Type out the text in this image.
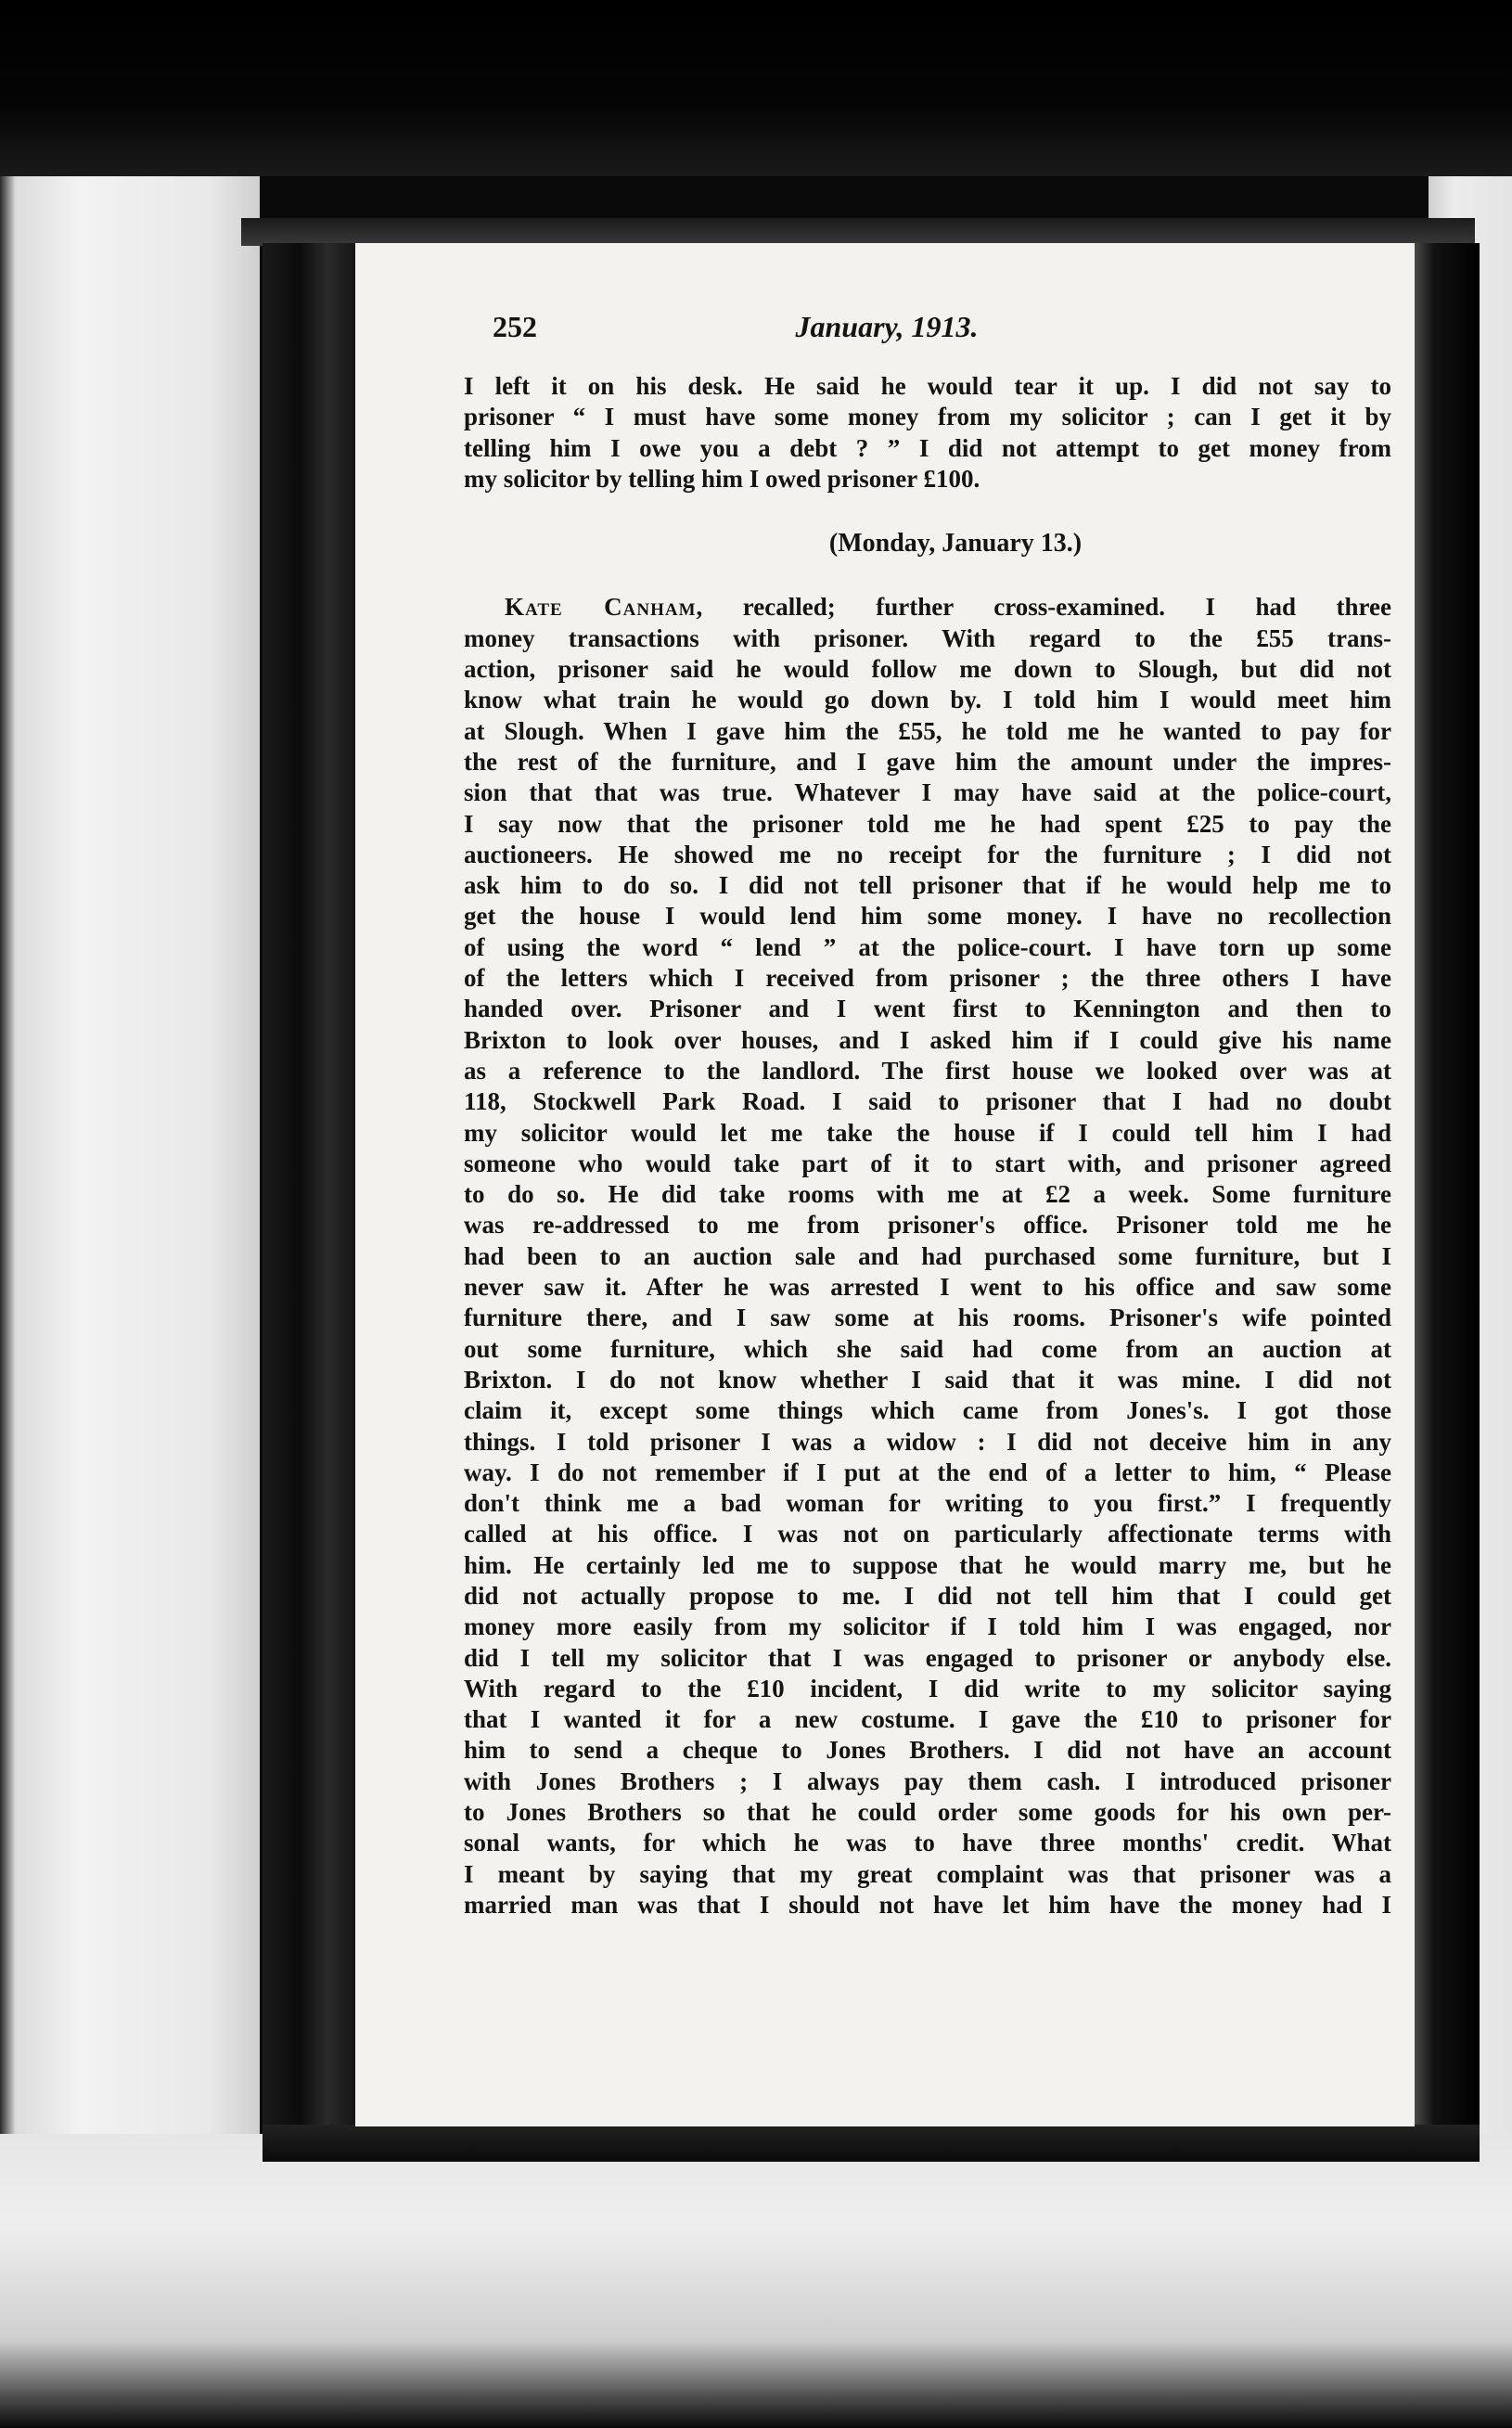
252	January, 1913.
I left it on his desk. He said he would tear it up. I did not say to
prisoner “ I must have some money from my solicitor ; can I get it by
telling him I owe you a debt ? ” I did not attempt to get money from
my solicitor by telling him I owed prisoner £100.
(Monday, January 13.)
Kate Canham, recalled; further cross-examined. I had three
money transactions with prisoner. With regard to the £55 trans-
action, prisoner said he would follow me down to Slough, but did not
know what train he would go down by. I told him I would meet him
at Slough. When I gave him the £55, he told me he wanted to pay for
the rest of the furniture, and I gave him the amount under the impres-
sion that that was true. Whatever I may have said at the police-court,
I say now that the prisoner told me he had spent £25 to pay the
auctioneers. He showed me no receipt for the furniture ; I did not
ask him to do so. I did not tell prisoner that if he would help me to
get the house I would lend him some money. I have no recollection
of using the word “ lend ” at the police-court. I have torn up some
of the letters which I received from prisoner ; the three others I have
handed over. Prisoner and I went first to Kennington and then to
Brixton to look over houses, and I asked him if I could give his name
as a reference to the landlord. The first house we looked over was at
118, Stockwell Park Road. I said to prisoner that I had no doubt
my solicitor would let me take the house if I could tell him I had
someone who would take part of it to start with, and prisoner agreed
to do so. He did take rooms with me at £2 a week. Some furniture
was re-addressed to me from prisoner's office. Prisoner told me he
had been to an auction sale and had purchased some furniture, but I
never saw it. After he was arrested I went to his office and saw some
furniture there, and I saw some at his rooms. Prisoner's wife pointed
out some furniture, which she said had come from an auction at
Brixton. I do not know whether I said that it was mine. I did not
claim it, except some things which came from Jones's. I got those
things. I told prisoner I was a widow : I did not deceive him in any
way. I do not remember if I put at the end of a letter to him, “ Please
don't think me a bad woman for writing to you first.” I frequently
called at his office. I was not on particularly affectionate terms with
him. He certainly led me to suppose that he would marry me, but he
did not actually propose to me. I did not tell him that I could get
money more easily from my solicitor if I told him I was engaged, nor
did I tell my solicitor that I was engaged to prisoner or anybody else.
With regard to the £10 incident, I did write to my solicitor saying
that I wanted it for a new costume. I gave the £10 to prisoner for
him to send a cheque to Jones Brothers. I did not have an account
with Jones Brothers ; I always pay them cash. I introduced prisoner
to Jones Brothers so that he could order some goods for his own per-
sonal wants, for which he was to have three months' credit. What
I meant by saying that my great complaint was that prisoner was a
married man was that I should not have let him have the money had I
